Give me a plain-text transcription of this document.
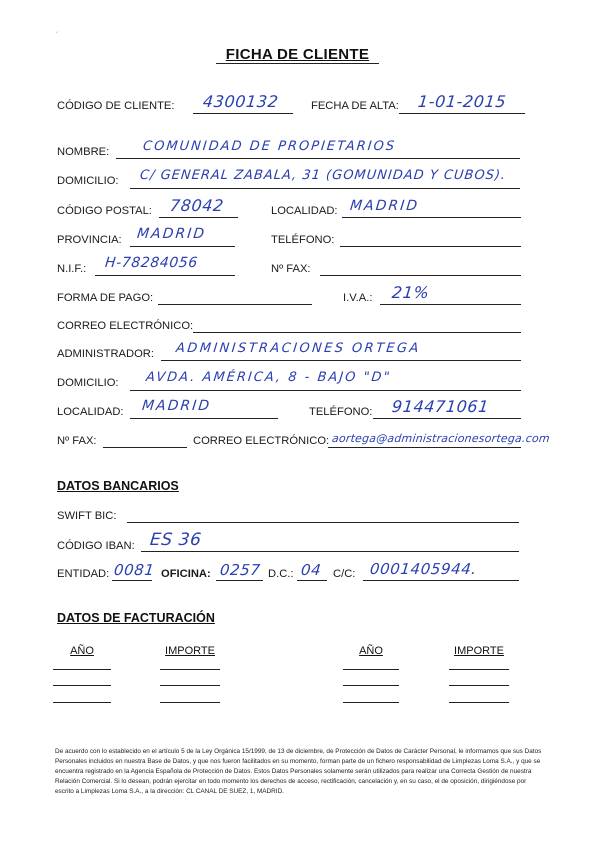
ᐟ
FICHA DE CLIENTE
CÓDIGO DE CLIENTE: 4300132	FECHA DE ALTA: 1-01-2015
NOMBRE:	COMUNIDAD DE PROPIETARIOS
DOMICILIO: C/ GENERAL ZABALA, 31 (GOMUNIDAD Y CUBOS).
CÓDIGO POSTAL: 78042	LOCALIDAD: MADRID
PROVINCIA: MADRID	TELÉFONO:
N.I.F.: H-78284056	Nº FAX:
FORMA DE PAGO:	I.V.A.: 21%
CORREO ELECTRÓNICO:
ADMINISTRADOR: ADMINISTRACIONES ORTEGA
DOMICILIO: AVDA. AMÉRICA, 8 - BAJO "D"
LOCALIDAD: MADRID	TELÉFONO: 914471061
Nº FAX:	CORREO ELECTRÓNICO: aortega@administracionesortega.com
DATOS BANCARIOS
SWIFT BIC:
CÓDIGO IBAN: ES 36
ENTIDAD: 0081 OFICINA: 0257 D.C.: 04 C/C: 0001405944.
DATOS DE FACTURACIÓN
AÑO	IMPORTE	AÑO	IMPORTE
De acuerdo con lo establecido en el artículo 5 de la Ley Orgánica 15/1999, de 13 de diciembre, de Protección de Datos de Carácter Personal, le informamos que sus Datos Personales incluidos en nuestra Base de Datos, y que nos fueron facilitados en su momento, forman parte de un fichero responsabilidad de Limplezas Loma S.A., y que se encuentra registrado en la Agencia Española de Protección de Datos. Estos Datos Personales solamente serán utilizados para realizar una Correcta Gestión de nuestra Relación Comercial. Si lo desean, podrán ejercitar en todo momento los derechos de acceso, rectificación, cancelación y, en su caso, el de oposición, dirigiéndose por escrito a Limplezas Loma S.A., a la dirección: CL CANAL DE SUEZ, 1, MADRID.
